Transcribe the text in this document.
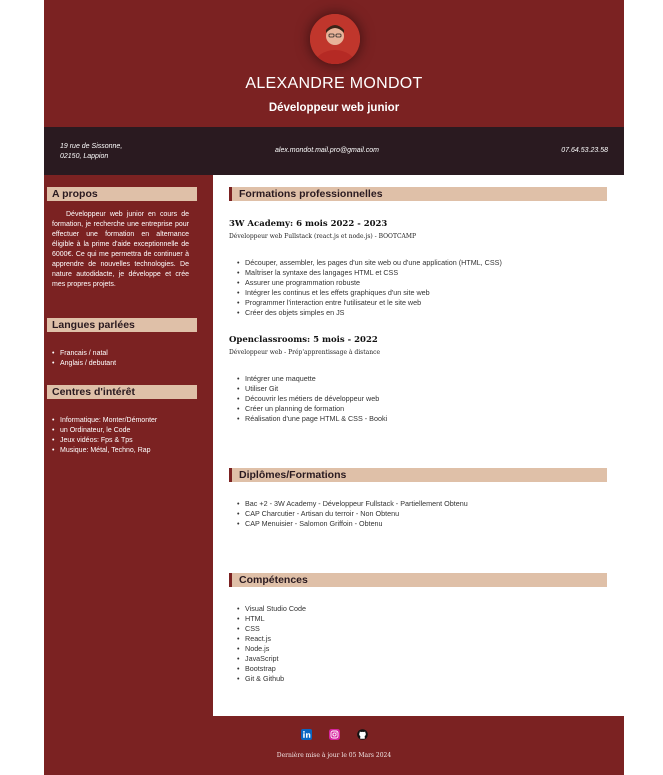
ALEXANDRE MONDOT
Développeur web junior
19 rue de Sissonne,
02150, Lappion
alex.mondot.mail.pro@gmail.com	07.64.53.23.58
A propos
Développeur web junior en cours de formation, je recherche une entreprise pour effectuer une formation en alternance éligible à la prime d'aide exceptionnelle de 6000€. Ce qui me permettra de continuer à apprendre de nouvelles technologies. De nature autodidacte, je développe et crée mes propres projets.
Langues parlées
• Francais / natal
• Anglais / debutant
Centres d'intérêt
• Informatique: Monter/Démonter
• un Ordinateur, le Code
• Jeux vidéos: Fps & Tps
• Musique: Métal, Techno, Rap
Formations professionnelles
3W Academy: 6 mois 2022 - 2023
Développeur web Fullstack (react.js et node.js) - BOOTCAMP
• Découper, assembler, les pages d'un site web ou d'une application (HTML, CSS)
• Maîtriser la syntaxe des langages HTML et CSS
• Assurer une programmation robuste
• Intégrer les continus et les effets graphiques d'un site web
• Programmer l'interaction entre l'utilisateur et le site web
• Créer des objets simples en JS
Openclassrooms: 5 mois - 2022
Développeur web - Prép'apprentissage à distance
• Intégrer une maquette
• Utiliser Git
• Découvrir les métiers de développeur web
• Créer un planning de formation
• Réalisation d'une page HTML & CSS - Booki
Diplômes/Formations
• Bac +2 - 3W Academy - Développeur Fullstack - Partiellement Obtenu
• CAP Charcutier - Artisan du terroir - Non Obtenu
• CAP Menuisier - Salomon Griffoin - Obtenu
Compétences
• Visual Studio Code
• HTML
• CSS
• React.js
• Node.js
• JavaScript
• Bootstrap
• Git & Github
Dernière mise à jour le 05 Mars 2024
